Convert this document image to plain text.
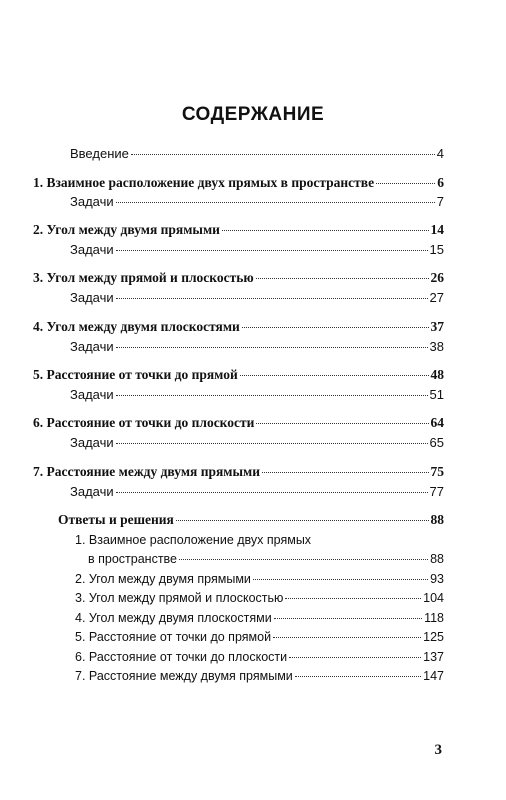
СОДЕРЖАНИЕ
Введение	4
1. Взаимное расположение двух прямых в пространстве	6
Задачи	7
2. Угол между двумя прямыми	14
Задачи	15
3. Угол между прямой и плоскостью	26
Задачи	27
4. Угол между двумя плоскостями	37
Задачи	38
5. Расстояние от точки до прямой	48
Задачи	51
6. Расстояние от точки до плоскости	64
Задачи	65
7. Расстояние между двумя прямыми	75
Задачи	77
Ответы и решения	88
1. Взаимное расположение двух прямых
в пространстве	88
2. Угол между двумя прямыми	93
3. Угол между прямой и плоскостью	104
4. Угол между двумя плоскостями	118
5. Расстояние от точки до прямой	125
6. Расстояние от точки до плоскости	137
7. Расстояние между двумя прямыми	147
3
